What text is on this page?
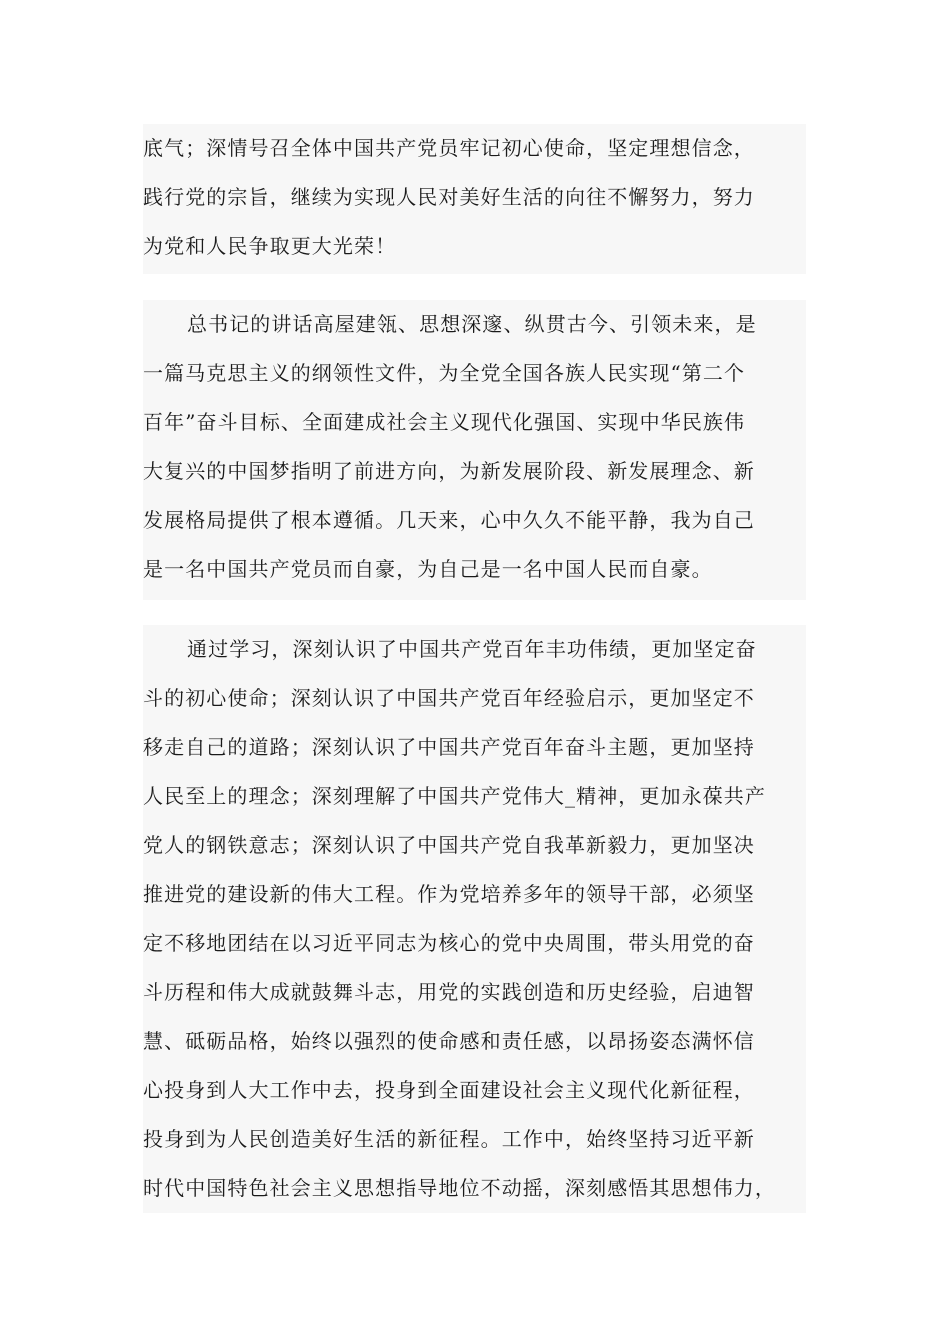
底气；深情号召全体中国共产党员牢记初心使命，坚定理想信念，
践行党的宗旨，继续为实现人民对美好生活的向往不懈努力，努力
为党和人民争取更大光荣！

总书记的讲话高屋建瓴、思想深邃、纵贯古今、引领未来，是
一篇马克思主义的纲领性文件，为全党全国各族人民实现“第二个
百年”奋斗目标、全面建成社会主义现代化强国、实现中华民族伟
大复兴的中国梦指明了前进方向，为新发展阶段、新发展理念、新
发展格局提供了根本遵循。几天来，心中久久不能平静，我为自己
是一名中国共产党员而自豪，为自己是一名中国人民而自豪。

通过学习，深刻认识了中国共产党百年丰功伟绩，更加坚定奋
斗的初心使命；深刻认识了中国共产党百年经验启示，更加坚定不
移走自己的道路；深刻认识了中国共产党百年奋斗主题，更加坚持
人民至上的理念；深刻理解了中国共产党伟大_精神，更加永葆共产
党人的钢铁意志；深刻认识了中国共产党自我革新毅力，更加坚决
推进党的建设新的伟大工程。作为党培养多年的领导干部，必须坚
定不移地团结在以习近平同志为核心的党中央周围，带头用党的奋
斗历程和伟大成就鼓舞斗志，用党的实践创造和历史经验，启迪智
慧、砥砺品格，始终以强烈的使命感和责任感，以昂扬姿态满怀信
心投身到人大工作中去，投身到全面建设社会主义现代化新征程，
投身到为人民创造美好生活的新征程。工作中，始终坚持习近平新
时代中国特色社会主义思想指导地位不动摇，深刻感悟其思想伟力，
